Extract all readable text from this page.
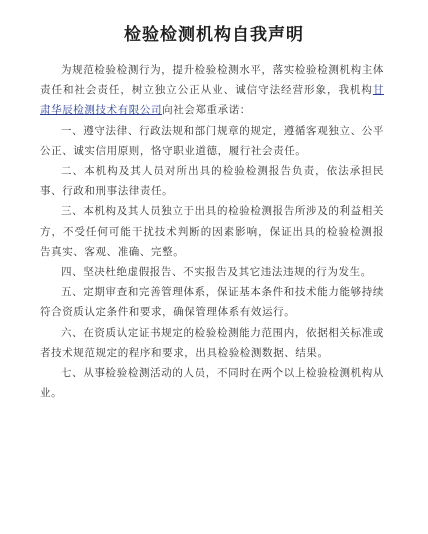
检验检测机构自我声明

为规范检验检测行为，提升检验检测水平，落实检验检测机构主体责任和社会责任，树立独立公正从业、诚信守法经营形象，我机构甘肃华辰检测技术有限公司向社会郑重承诺：

一、遵守法律、行政法规和部门规章的规定，遵循客观独立、公平公正、诚实信用原则，恪守职业道德，履行社会责任。

二、本机构及其人员对所出具的检验检测报告负责，依法承担民事、行政和刑事法律责任。

三、本机构及其人员独立于出具的检验检测报告所涉及的利益相关方，不受任何可能干扰技术判断的因素影响，保证出具的检验检测报告真实、客观、准确、完整。

四、坚决杜绝虚假报告、不实报告及其它违法违规的行为发生。

五、定期审查和完善管理体系，保证基本条件和技术能力能够持续符合资质认定条件和要求，确保管理体系有效运行。

六、在资质认定证书规定的检验检测能力范围内，依据相关标准或者技术规范规定的程序和要求，出具检验检测数据、结果。

七、从事检验检测活动的人员，不同时在两个以上检验检测机构从业。
